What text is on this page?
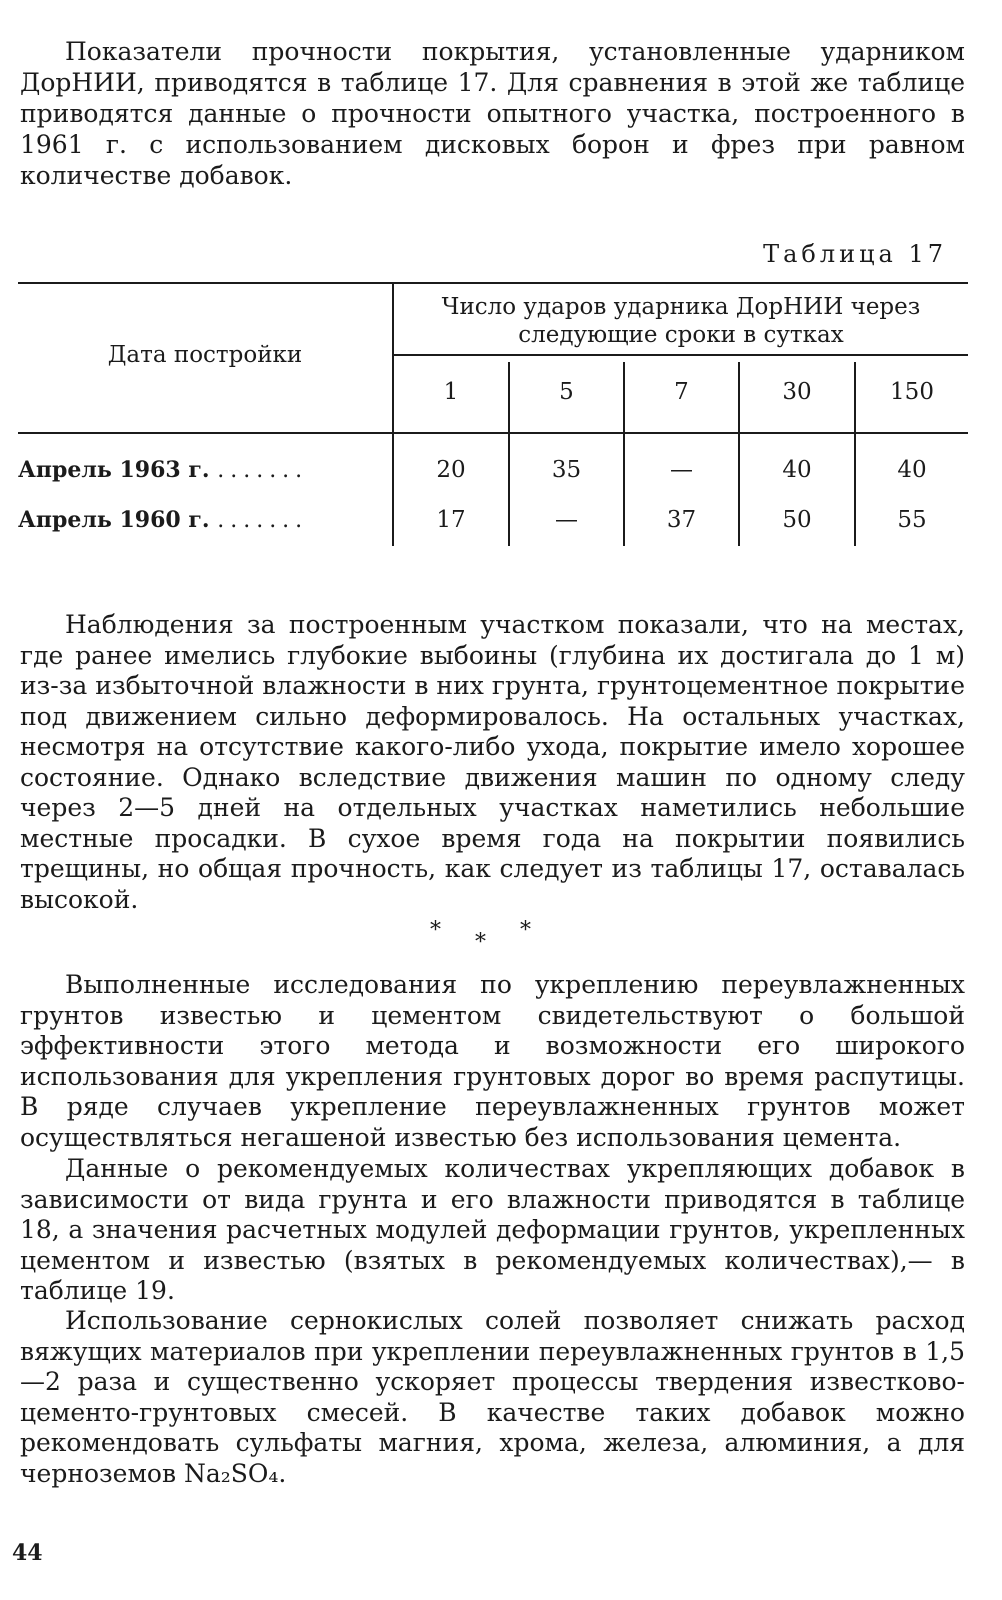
Показатели прочности покрытия, установленные ударником ДорНИИ, приводятся в таблице 17. Для сравнения в этой же таблице приводятся данные о прочности опытного участка, построенного в 1961 г. с использованием дисковых борон и фрез при равном количестве добавок.

Таблица 17
Дата постройки
Число ударов ударника ДорНИИ через
следующие сроки в сутках
1	5	7	30	150
Апрель 1963 г. .......	20	35	—	40	40
Апрель 1960 г. .......	17	—	37	50	55

Наблюдения за построенным участком показали, что на местах, где ранее имелись глубокие выбоины (глубина их достигала до 1 м) из-за избыточной влажности в них грунта, грунтоцементное покрытие под движением сильно деформировалось. На остальных участках, несмотря на отсутствие какого-либо ухода, покрытие имело хорошее состояние. Однако вследствие движения машин по одному следу через 2—5 дней на отдельных участках наметились небольшие местные просадки. В сухое время года на покрытии появились трещины, но общая прочность, как следует из таблицы 17, оставалась высокой.

* * *

Выполненные исследования по укреплению переувлажненных грунтов известью и цементом свидетельствуют о большой эффективности этого метода и возможности его широкого использования для укрепления грунтовых дорог во время распутицы. В ряде случаев укрепление переувлажненных грунтов может осуществляться негашеной известью без использования цемента.

Данные о рекомендуемых количествах укрепляющих добавок в зависимости от вида грунта и его влажности приводятся в таблице 18, а значения расчетных модулей деформации грунтов, укрепленных цементом и известью (взятых в рекомендуемых количествах),— в таблице 19.

Использование сернокислых солей позволяет снижать расход вяжущих материалов при укреплении переувлажненных грунтов в 1,5—2 раза и существенно ускоряет процессы твердения известково-цементо-грунтовых смесей. В качестве таких добавок можно рекомендовать сульфаты магния, хрома, железа, алюминия, а для черноземов Na₂SO₄.

44
